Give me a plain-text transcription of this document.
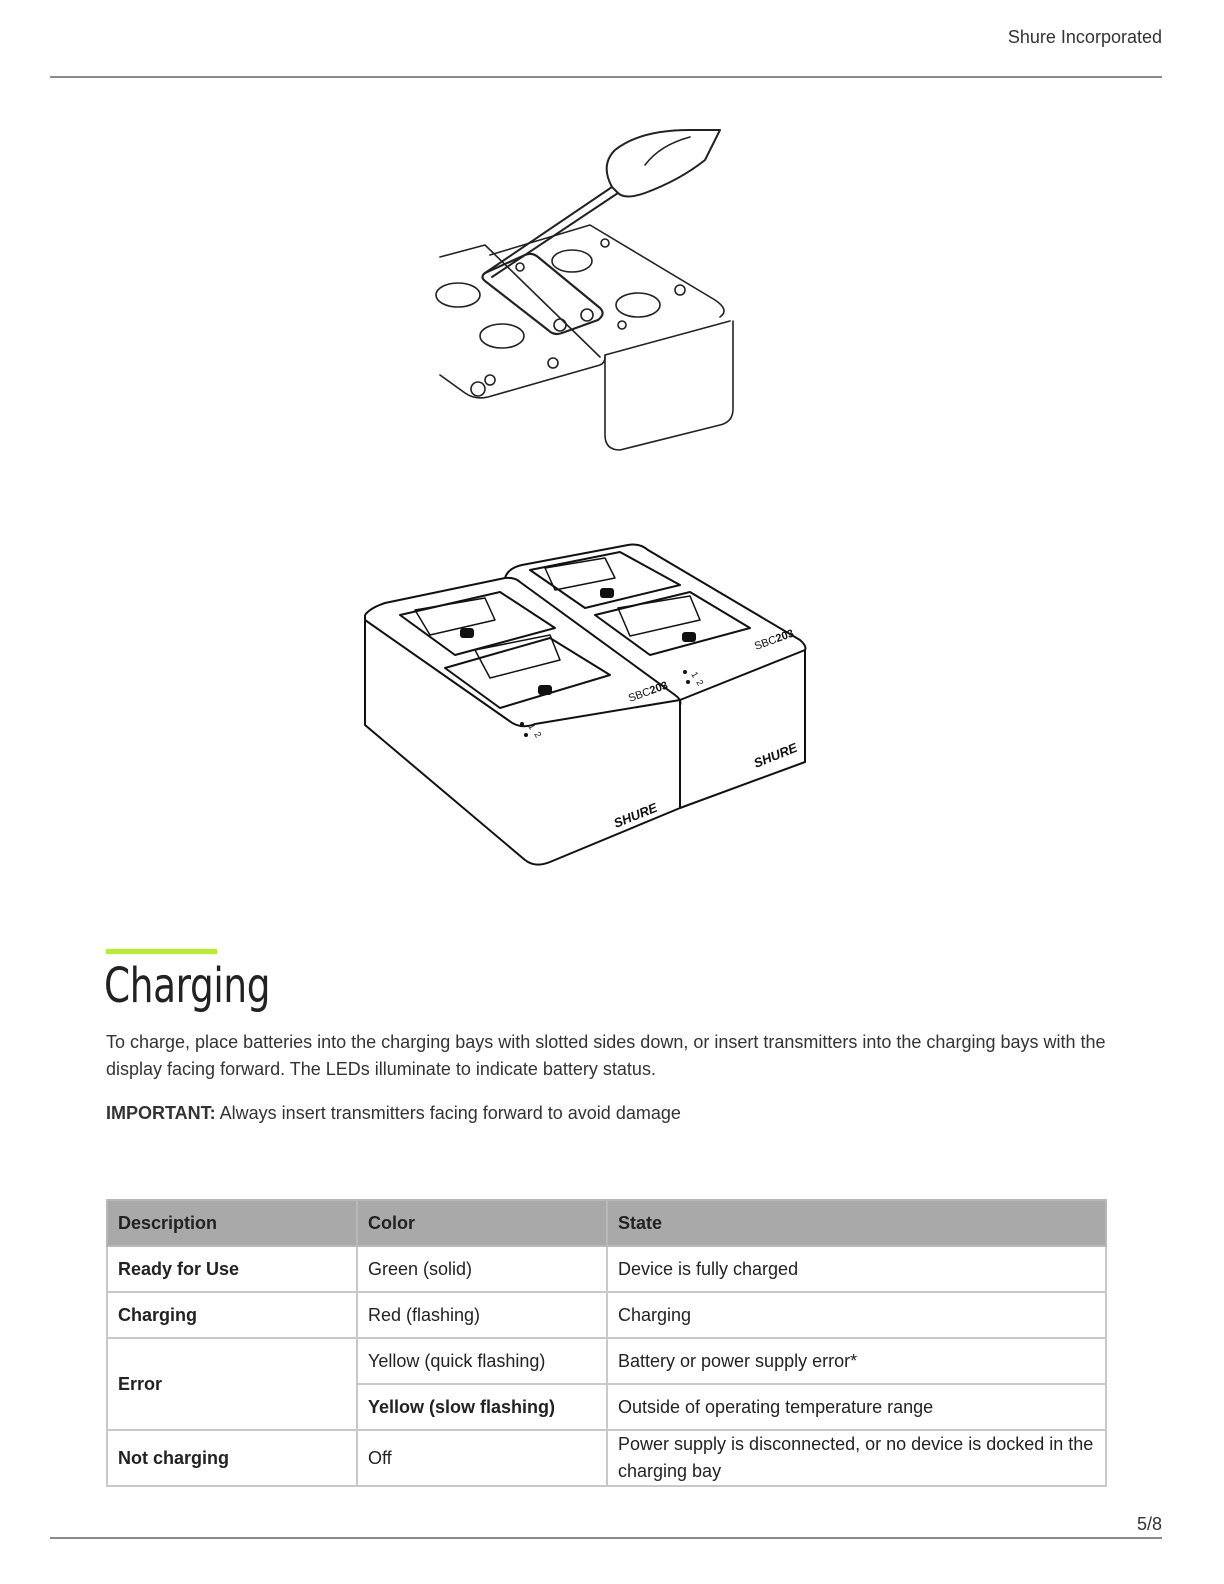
Shure Incorporated
SBC203
SBC203
1
2
1
2
SHURE
SHURE
Charging

To charge, place batteries into the charging bays with slotted sides down, or insert transmitters into the charging bays with the display facing forward. The LEDs illuminate to indicate battery status.

IMPORTANT: Always insert transmitters facing forward to avoid damage

Description	Color	State
Ready for Use	Green (solid)	Device is fully charged
Charging	Red (flashing)	Charging
Error	Yellow (quick flashing)	Battery or power supply error*
	Yellow (slow flashing)	Outside of operating temperature range
Not charging	Off	Power supply is disconnected, or no device is docked in the charging bay
5/8
